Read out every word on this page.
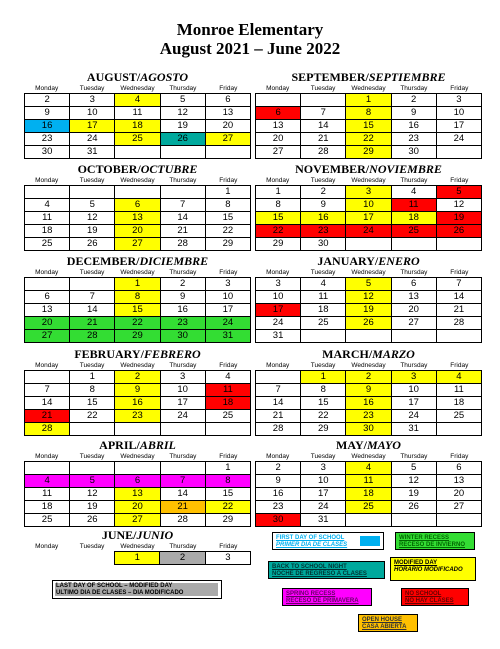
Monroe Elementary
August 2021 – June 2022
AUGUST/AGOSTO
Monday	Tuesday	Wednesday	Thursday	Friday
2	3	4	5	6
9	10	11	12	13
16	17	18	19	20
23	24	25	26	27
30	31			
SEPTEMBER/SEPTIEMBRE
Monday	Tuesday	Wednesday	Thursday	Friday
		1	2	3
6	7	8	9	10
13	14	15	16	17
20	21	22	23	24
27	28	29	30	
OCTOBER/OCTUBRE
Monday	Tuesday	Wednesday	Thursday	Friday
				1
4	5	6	7	8
11	12	13	14	15
18	19	20	21	22
25	26	27	28	29
NOVEMBER/NOVIEMBRE
Monday	Tuesday	Wednesday	Thursday	Friday
1	2	3	4	5
8	9	10	11	12
15	16	17	18	19
22	23	24	25	26
29	30			
DECEMBER/DICIEMBRE
Monday	Tuesday	Wednesday	Thursday	Friday
		1	2	3
6	7	8	9	10
13	14	15	16	17
20	21	22	23	24
27	28	29	30	31
JANUARY/ENERO
Monday	Tuesday	Wednesday	Thursday	Friday
3	4	5	6	7
10	11	12	13	14
17	18	19	20	21
24	25	26	27	28
31				
FEBRUARY/FEBRERO
Monday	Tuesday	Wednesday	Thursday	Friday
	1	2	3	4
7	8	9	10	11
14	15	16	17	18
21	22	23	24	25
28				
MARCH/MARZO
Monday	Tuesday	Wednesday	Thursday	Friday
	1	2	3	4
7	8	9	10	11
14	15	16	17	18
21	22	23	24	25
28	29	30	31	
APRIL/ABRIL
Monday	Tuesday	Wednesday	Thursday	Friday
				1
4	5	6	7	8
11	12	13	14	15
18	19	20	21	22
25	26	27	28	29
MAY/MAYO
Monday	Tuesday	Wednesday	Thursday	Friday
2	3	4	5	6
9	10	11	12	13
16	17	18	19	20
23	24	25	26	27
30	31			
JUNE/JUNIO
Monday	Tuesday	Wednesday	Thursday	Friday
		1	2	3
FIRST DAY OF SCHOOL
PRIMER DIA DE CLASES
WINTER RECESS
RECESO DE INVIERNO
BACK TO SCHOOL NIGHT
NOCHE DE REGRESO A CLASES
MODIFIED DAY
HORARIO MODIFICADO
LAST DAY OF SCHOOL – MODIFIED DAY
ULTIMO DIA DE CLASES – DIA MODIFICADO	SPRING RECESS
RECESO DE PRIMAVERA
NO SCHOOL
NO HAY CLASES
OPEN HOUSE
CASA ABIERTA
